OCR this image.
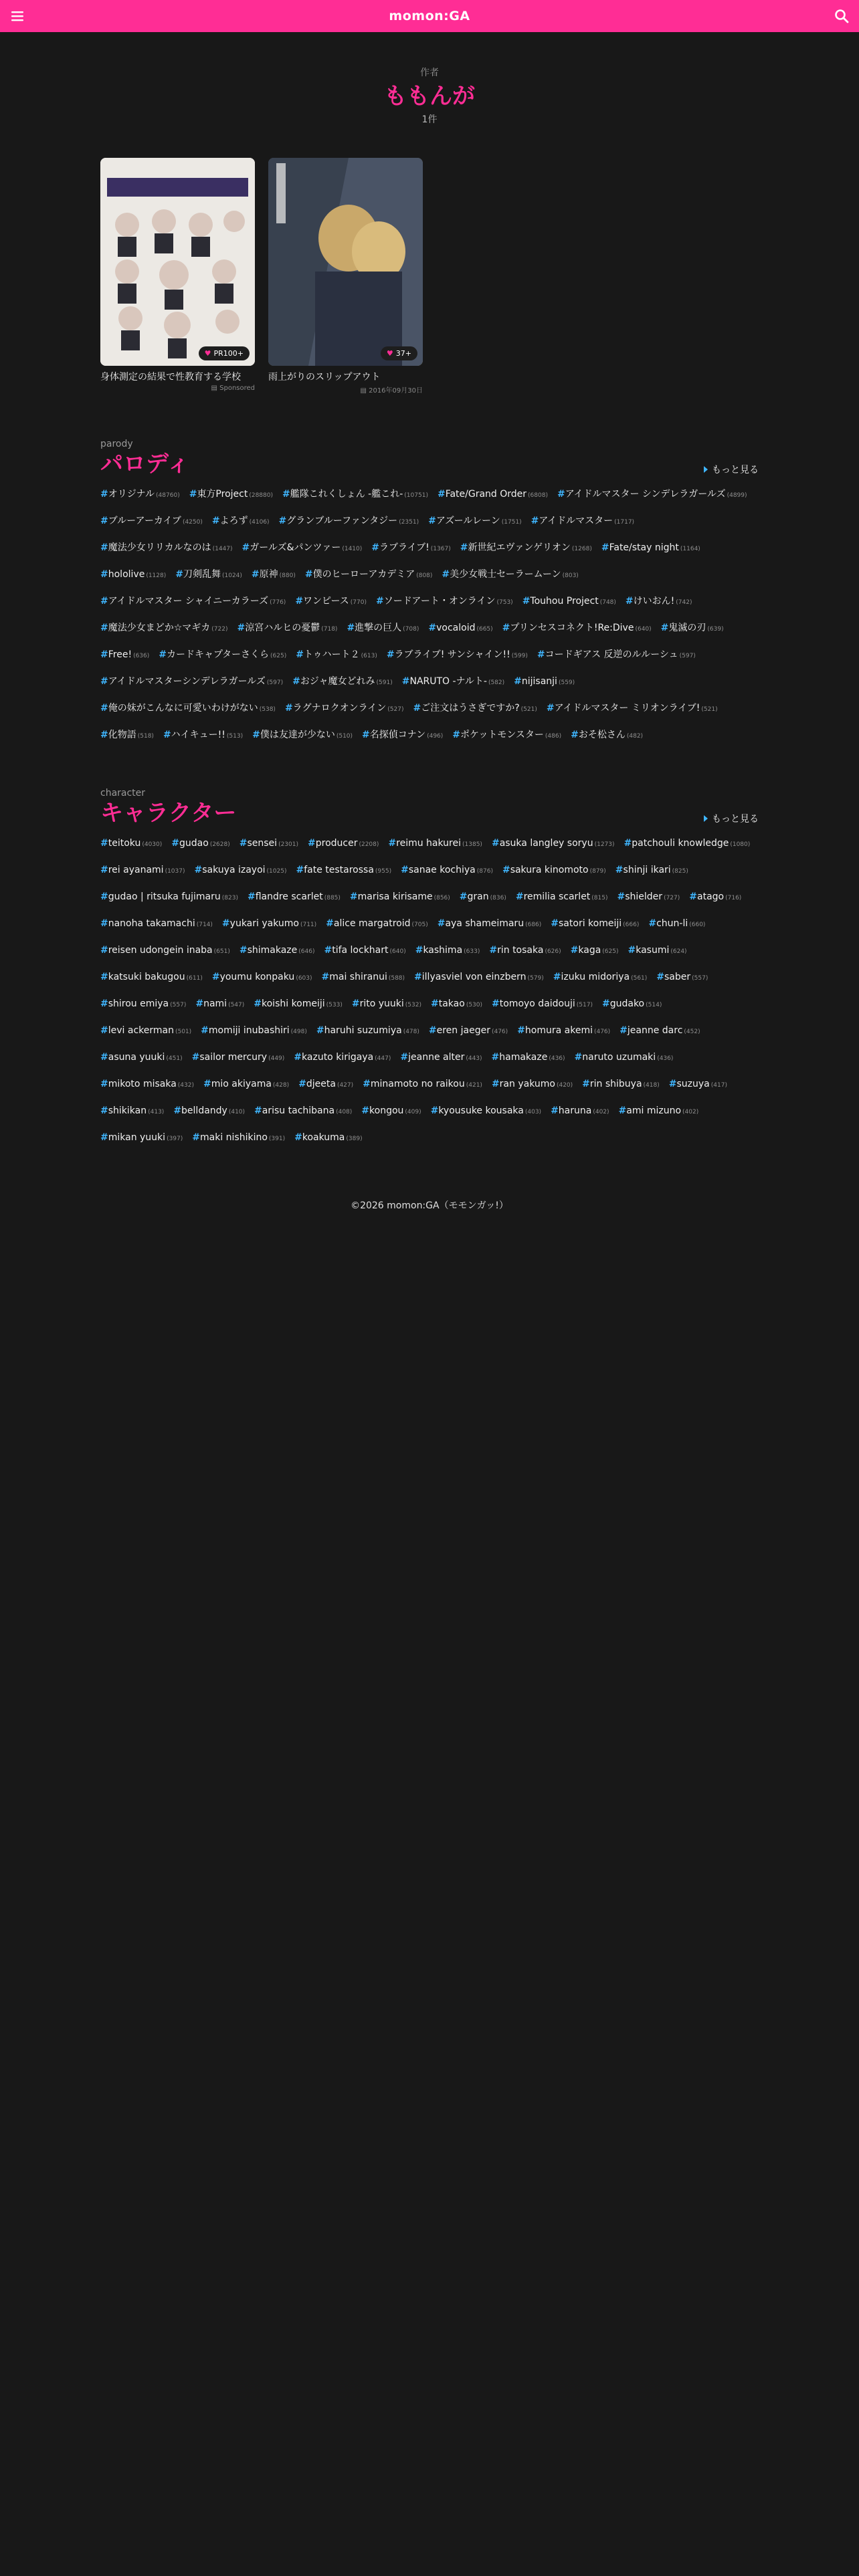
momon:GA
作者
ももんが
1件
♥ PR100+
身体測定の結果で性教育する学校
▤ Sponsored
♥ 37+
雨上がりのスリップアウト
▤ 2016年09月30日
parody
パロディ	もっと見る
#オリジナル (48760) #東方Project (28880) #艦隊これくしょん -艦これ- (10751) #Fate/Grand Order (6808) #アイドルマスター シンデレラガールズ (4899)
#ブルーアーカイブ (4250) #よろず (4106) #グランブルーファンタジー (2351) #アズールレーン (1751) #アイドルマスター (1717)
#魔法少女リリカルなのは (1447) #ガールズ&パンツァー (1410) #ラブライブ! (1367) #新世紀エヴァンゲリオン (1268) #Fate/stay night (1164)
#hololive (1128) #刀剣乱舞 (1024) #原神 (880) #僕のヒーローアカデミア (808) #美少女戦士セーラームーン (803)
#アイドルマスター シャイニーカラーズ (776) #ワンピース (770) #ソードアート・オンライン (753) #Touhou Project (748) #けいおん! (742)
#魔法少女まどか☆マギカ (722) #涼宮ハルヒの憂鬱 (718) #進撃の巨人 (708) #vocaloid (665) #プリンセスコネクト!Re:Dive (640) #鬼滅の刃 (639)
#Free! (636) #カードキャプターさくら (625) #トゥハート２ (613) #ラブライブ! サンシャイン!! (599) #コードギアス 反逆のルルーシュ (597)
#アイドルマスターシンデレラガールズ (597) #おジャ魔女どれみ (591) #NARUTO -ナルト- (582) #nijisanji (559)
#俺の妹がこんなに可愛いわけがない (538) #ラグナロクオンライン (527) #ご注文はうさぎですか? (521) #アイドルマスター ミリオンライブ! (521)
#化物語 (518) #ハイキュー!! (513) #僕は友達が少ない (510) #名探偵コナン (496) #ポケットモンスター (486) #おそ松さん (482)
character
キャラクター	もっと見る
#teitoku (4030) #gudao (2628) #sensei (2301) #producer (2208) #reimu hakurei (1385) #asuka langley soryu (1273) #patchouli knowledge (1080)
#rei ayanami (1037) #sakuya izayoi (1025) #fate testarossa (955) #sanae kochiya (876) #sakura kinomoto (879) #shinji ikari (825)
#gudao | ritsuka fujimaru (823) #flandre scarlet (885) #marisa kirisame (856) #gran (836) #remilia scarlet (815) #shielder (727) #atago (716)
#nanoha takamachi (714) #yukari yakumo (711) #alice margatroid (705) #aya shameimaru (686) #satori komeiji (666) #chun-li (660)
#reisen udongein inaba (651) #shimakaze (646) #tifa lockhart (640) #kashima (633) #rin tosaka (626) #kaga (625) #kasumi (624)
#katsuki bakugou (611) #youmu konpaku (603) #mai shiranui (588) #illyasviel von einzbern (579) #izuku midoriya (561) #saber (557)
#shirou emiya (557) #nami (547) #koishi komeiji (533) #rito yuuki (532) #takao (530) #tomoyo daidouji (517) #gudako (514)
#levi ackerman (501) #momiji inubashiri (498) #haruhi suzumiya (478) #eren jaeger (476) #homura akemi (476) #jeanne darc (452)
#asuna yuuki (451) #sailor mercury (449) #kazuto kirigaya (447) #jeanne alter (443) #hamakaze (436) #naruto uzumaki (436)
#mikoto misaka (432) #mio akiyama (428) #djeeta (427) #minamoto no raikou (421) #ran yakumo (420) #rin shibuya (418) #suzuya (417)
#shikikan (413) #belldandy (410) #arisu tachibana (408) #kongou (409) #kyousuke kousaka (403) #haruna (402) #ami mizuno (402)
#mikan yuuki (397) #maki nishikino (391) #koakuma (389)
©2026 momon:GA（モモンガッ!）
